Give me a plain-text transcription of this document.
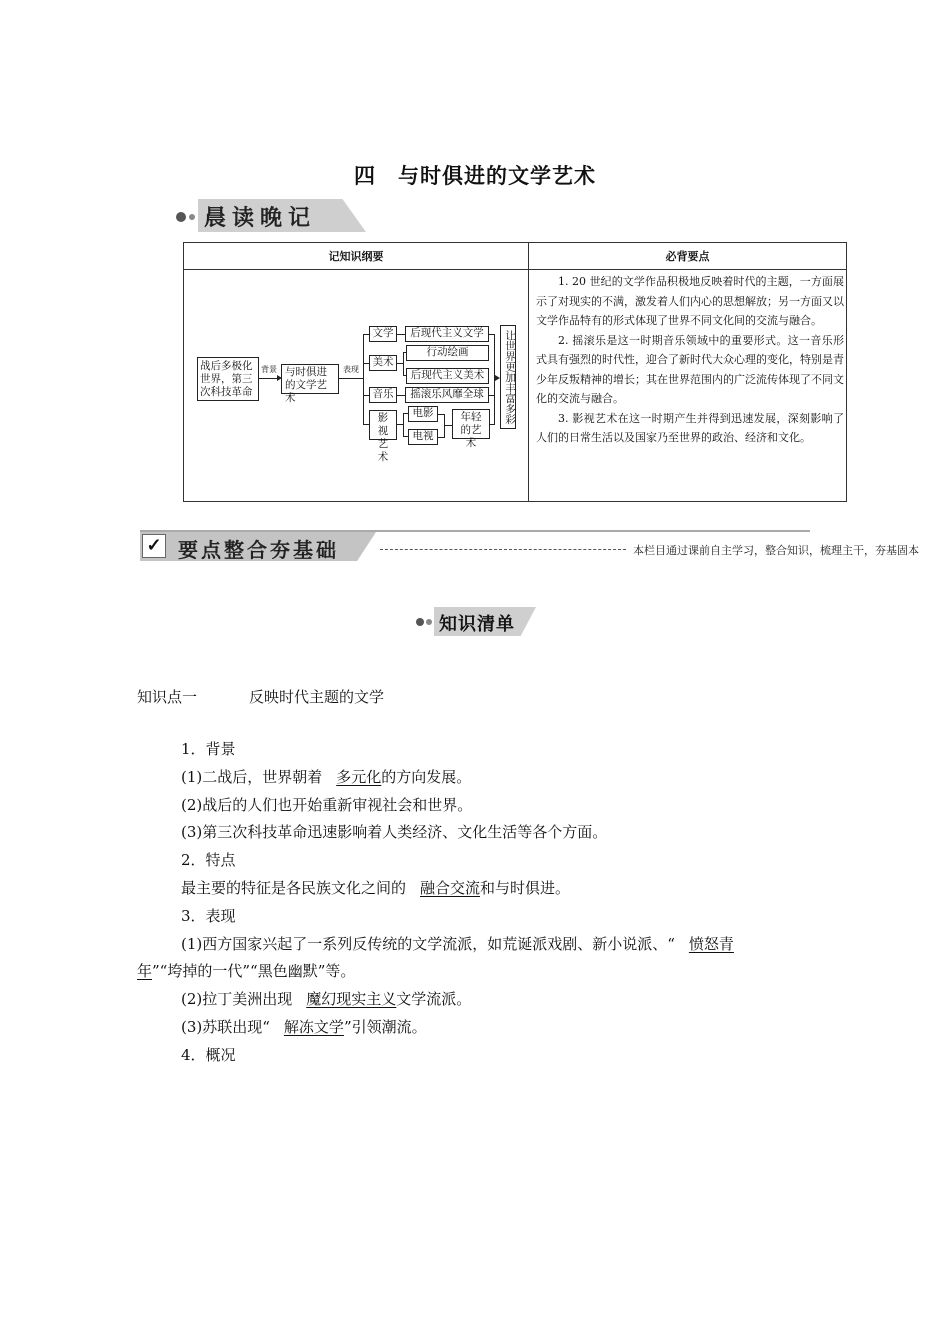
四 与时俱进的文学艺术
晨读晚记
记知识纲要	必背要点
战后多极化世界，第三次科技革命
背景 与时俱进的文学艺术
表现
文学
美术
音乐
影视艺术
后现代主义文学
行动绘画
后现代主义美术
摇滚乐风靡全球
电影
电视
年轻的艺术
让世界更加丰富多彩

1. 20 世纪的文学作品积极地反映着时代的主题，一方面展示了对现实的不满，激发着人们内心的思想解放；另一方面又以文学作品特有的形式体现了世界不同文化间的交流与融合。

2. 摇滚乐是这一时期音乐领域中的重要形式。这一音乐形式具有强烈的时代性，迎合了新时代大众心理的变化，特别是青少年反叛精神的增长；其在世界范围内的广泛流传体现了不同文化的交流与融合。

3. 影视艺术在这一时期产生并得到迅速发展，深刻影响了人们的日常生活以及国家乃至世界的政治、经济和文化。

✓ 要点整合夯基础	本栏目通过课前自主学习，整合知识，梳理主干，夯基固本
知识清单
知识点一	反映时代主题的文学
1．背景
(1)二战后，世界朝着 多元化的方向发展。
(2)战后的人们也开始重新审视社会和世界。
(3)第三次科技革命迅速影响着人类经济、文化生活等各个方面。
2．特点
最主要的特征是各民族文化之间的 融合交流和与时俱进。
3．表现
(1)西方国家兴起了一系列反传统的文学流派，如荒诞派戏剧、新小说派、“ 愤怒青
年”“垮掉的一代”“黑色幽默”等。
(2)拉丁美洲出现 魔幻现实主义文学流派。
(3)苏联出现“ 解冻文学”引领潮流。
4．概况
